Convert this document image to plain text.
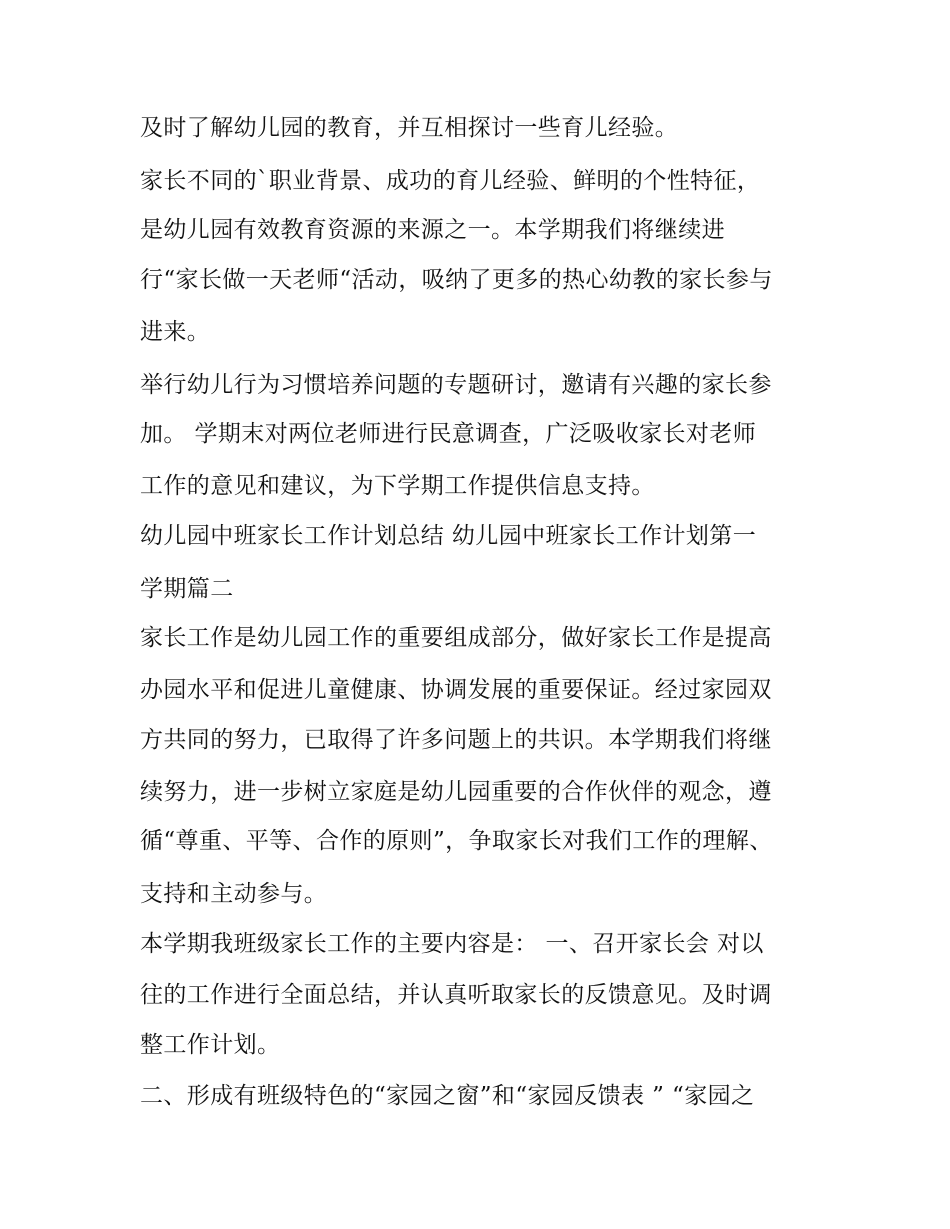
及时了解幼儿园的教育，并互相探讨一些育儿经验。
家长不同的`职业背景、成功的育儿经验、鲜明的个性特征，
是幼儿园有效教育资源的来源之一。本学期我们将继续进
行“家长做一天老师“活动，吸纳了更多的热心幼教的家长参与
进来。
举行幼儿行为习惯培养问题的专题研讨，邀请有兴趣的家长参
加。 学期末对两位老师进行民意调查，广泛吸收家长对老师
工作的意见和建议，为下学期工作提供信息支持。
幼儿园中班家长工作计划总结 幼儿园中班家长工作计划第一
学期篇二
家长工作是幼儿园工作的重要组成部分，做好家长工作是提高
办园水平和促进儿童健康、协调发展的重要保证。经过家园双
方共同的努力，已取得了许多问题上的共识。本学期我们将继
续努力，进一步树立家庭是幼儿园重要的合作伙伴的观念，遵
循“尊重、平等、合作的原则”，争取家长对我们工作的理解、
支持和主动参与。
本学期我班级家长工作的主要内容是： 一、召开家长会 对以
往的工作进行全面总结，并认真听取家长的反馈意见。及时调
整工作计划。
二、形成有班级特色的“家园之窗”和“家园反馈表 ” “家园之
